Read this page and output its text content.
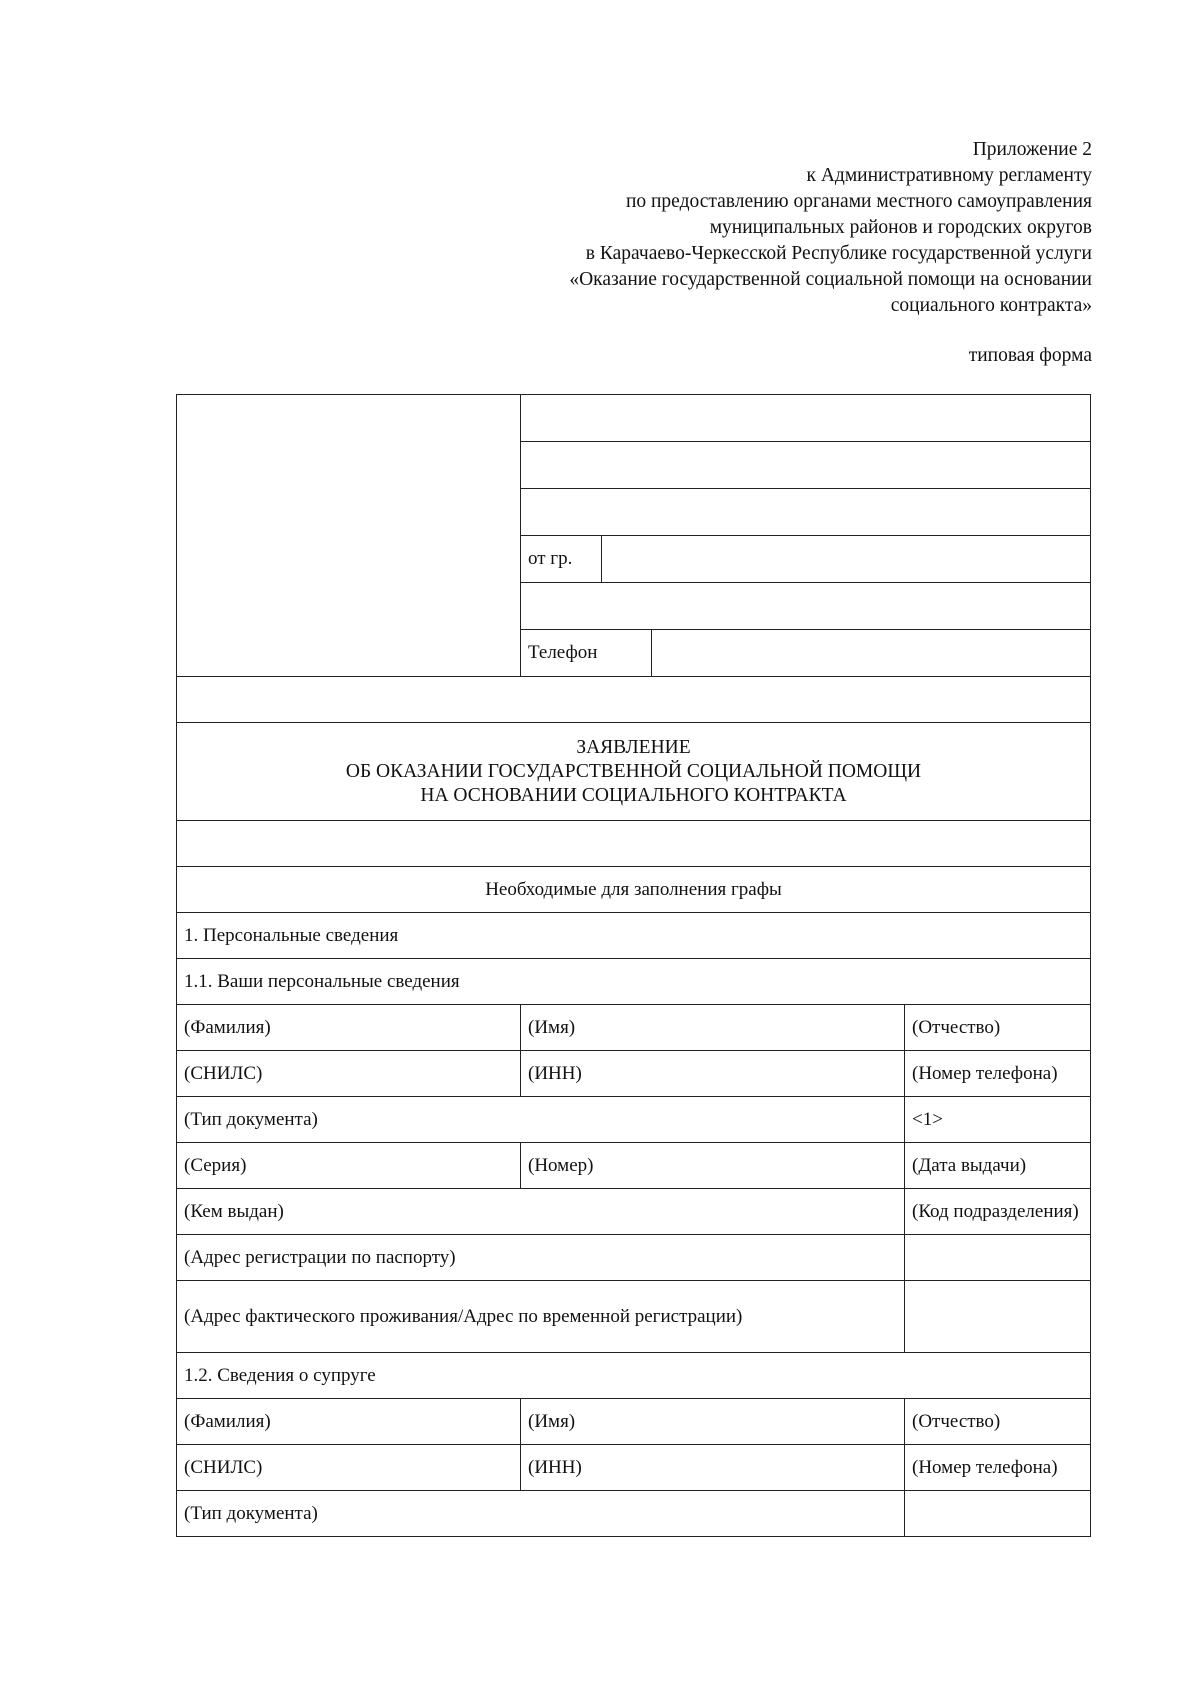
Приложение 2
к Административному регламенту
по предоставлению органами местного самоуправления
муниципальных районов и городских округов
в Карачаево-Черкесской Республике государственной услуги
«Оказание государственной социальной помощи на основании
социального контракта»
типовая форма

от гр.	

Телефон	

ЗАЯВЛЕНИЕ
ОБ ОКАЗАНИИ ГОСУДАРСТВЕННОЙ СОЦИАЛЬНОЙ ПОМОЩИ
НА ОСНОВАНИИ СОЦИАЛЬНОГО КОНТРАКТА

Необходимые для заполнения графы
1. Персональные сведения
1.1. Ваши персональные сведения
(Фамилия)	(Имя)	(Отчество)
(СНИЛС)	(ИНН)	(Номер телефона)
(Тип документа)	<1>
(Серия)	(Номер)	(Дата выдачи)
(Кем выдан)	(Код подразделения)
(Адрес регистрации по паспорту)	
(Адрес фактического проживания/Адрес по временной регистрации)	
1.2. Сведения о супруге
(Фамилия)	(Имя)	(Отчество)
(СНИЛС)	(ИНН)	(Номер телефона)
(Тип документа)	
